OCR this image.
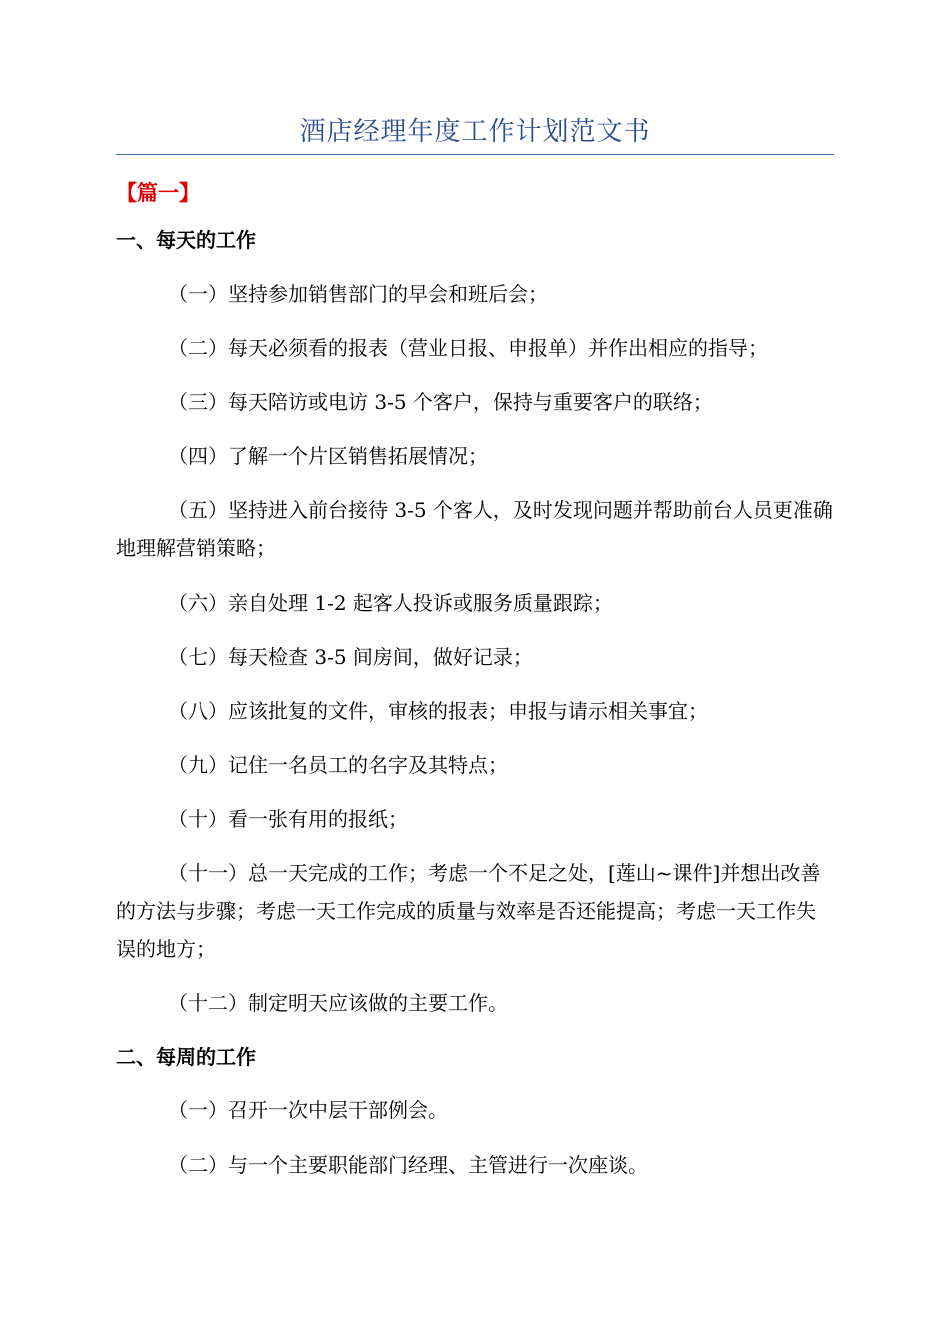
酒店经理年度工作计划范文书
【篇一】
一、每天的工作
（一）坚持参加销售部门的早会和班后会；
（二）每天必须看的报表（营业日报、申报单）并作出相应的指导；
（三）每天陪访或电访 3-5 个客户，保持与重要客户的联络；
（四）了解一个片区销售拓展情况；
（五）坚持进入前台接待 3-5 个客人，及时发现问题并帮助前台人员更准确地理解营销策略；
（六）亲自处理 1-2 起客人投诉或服务质量跟踪；
（七）每天检查 3-5 间房间，做好记录；
（八）应该批复的文件，审核的报表；申报与请示相关事宜；
（九）记住一名员工的名字及其特点；
（十）看一张有用的报纸；
（十一）总一天完成的工作；考虑一个不足之处，[莲山~课件]并想出改善的方法与步骤；考虑一天工作完成的质量与效率是否还能提高；考虑一天工作失误的地方；
（十二）制定明天应该做的主要工作。
二、每周的工作
（一）召开一次中层干部例会。
（二）与一个主要职能部门经理、主管进行一次座谈。
